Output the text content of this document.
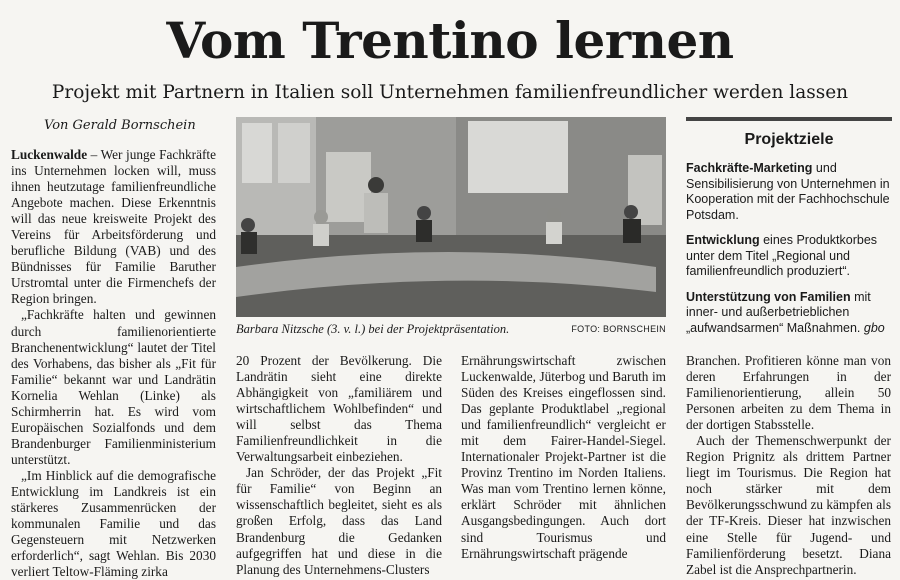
Vom Trentino lernen
Projekt mit Partnern in Italien soll Unternehmen familienfreundlicher werden lassen
Von Gerald Bornschein

Luckenwalde – Wer junge Fachkräfte ins Unternehmen locken will, muss ihnen heutzutage familienfreundliche Angebote machen. Diese Erkenntnis will das neue kreisweite Projekt des Vereins für Arbeitsförderung und berufliche Bildung (VAB) und des Bündnisses für Familie Baruther Urstromtal unter die Firmenchefs der Region bringen.

„Fachkräfte halten und gewinnen durch familienorientierte Branchenentwicklung“ lautet der Titel des Vorhabens, das bisher als „Fit für Familie“ bekannt war und Landrätin Kornelia Wehlan (Linke) als Schirmherrin hat. Es wird vom Europäischen Sozialfonds und dem Brandenburger Familienministerium unterstützt.

„Im Hinblick auf die demografische Entwicklung im Landkreis ist ein stärkeres Zusammenrücken der kommunalen Familie und das Gegensteuern mit Netzwerken erforderlich“, sagt Wehlan. Bis 2030 verliert Teltow-Fläming zirka

Barbara Nitzsche (3. v. l.) bei der Projektpräsentation.	FOTO: BORNSCHEIN

20 Prozent der Bevölkerung. Die Landrätin sieht eine direkte Abhängigkeit von „familiärem und wirtschaftlichem Wohlbefinden“ und will selbst das Thema Familienfreundlichkeit in die Verwaltungsarbeit einbeziehen.

Jan Schröder, der das Projekt „Fit für Familie“ von Beginn an wissenschaftlich begleitet, sieht es als großen Erfolg, dass das Land Brandenburg die Gedanken aufgegriffen hat und diese in die Planung des Unternehmens-Clusters

Ernährungswirtschaft zwischen Luckenwalde, Jüterbog und Baruth im Süden des Kreises eingeflossen sind. Das geplante Produktlabel „regional und familienfreundlich“ vergleicht er mit dem Fairer-Handel-Siegel. Internationaler Projekt-Partner ist die Provinz Trentino im Norden Italiens. Was man vom Trentino lernen könne, erklärt Schröder mit ähnlichen Ausgangsbedingungen. Auch dort sind Tourismus und Ernährungswirtschaft prägende

Projektziele
Fachkräfte-Marketing und Sensibilisierung von Unternehmen in Kooperation mit der Fachhochschule Potsdam.
Entwicklung eines Produktkorbes unter dem Titel „Regional und familienfreundlich produziert“.
Unterstützung von Familien mit inner- und außerbetrieblichen „aufwandsarmen“ Maßnahmen. gbo

Branchen. Profitieren könne man von deren Erfahrungen in der Familienorientierung, allein 50 Personen arbeiten zu dem Thema in der dortigen Stabsstelle.

Auch der Themenschwerpunkt der Region Prignitz als drittem Partner liegt im Tourismus. Die Region hat noch stärker mit dem Bevölkerungsschwund zu kämpfen als der TF-Kreis. Dieser hat inzwischen eine Stelle für Jugend- und Familienförderung besetzt. Diana Zabel ist die Ansprechpartnerin.
